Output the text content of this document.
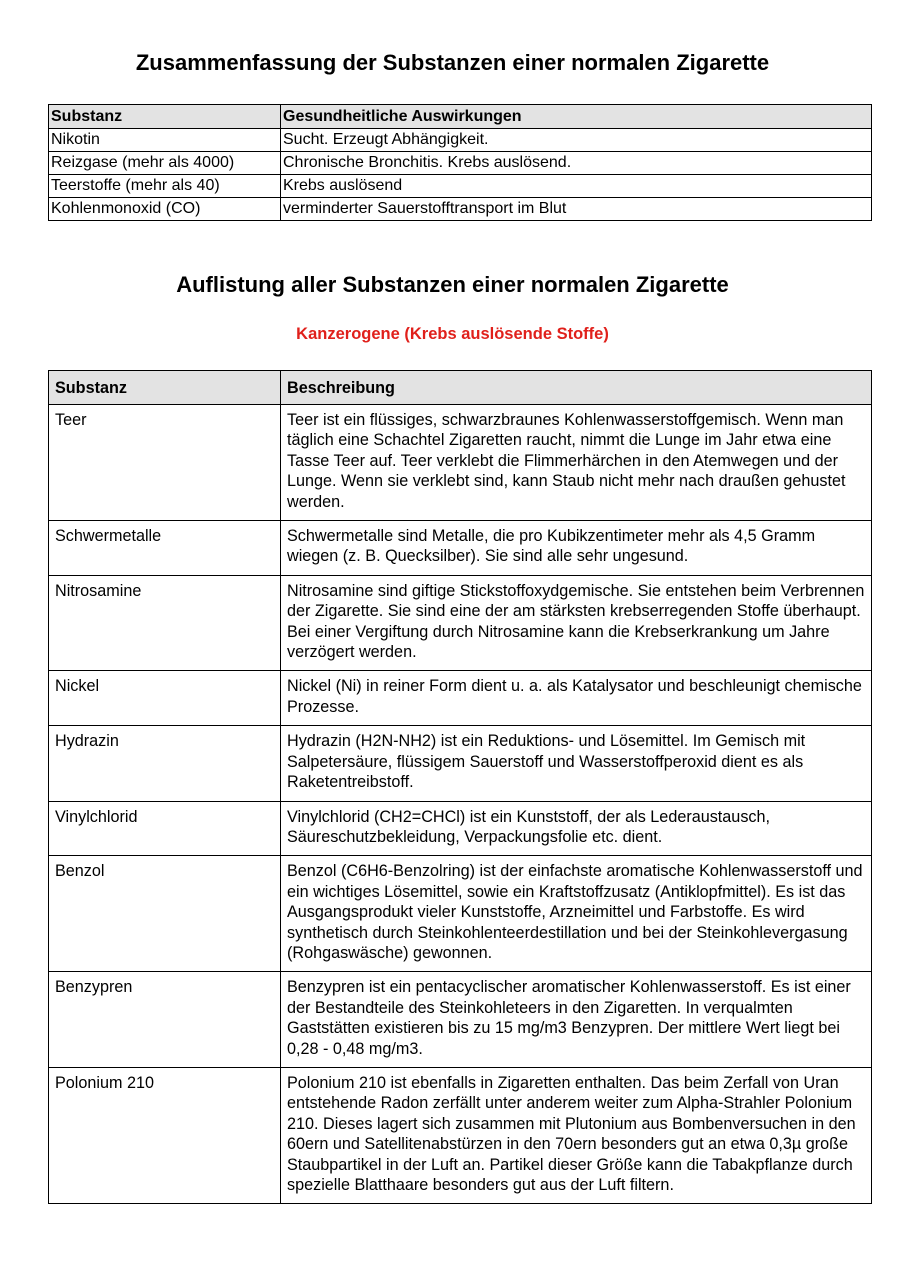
Zusammenfassung der Substanzen einer normalen Zigarette
Substanz	Gesundheitliche Auswirkungen
Nikotin	Sucht. Erzeugt Abhängigkeit.
Reizgase (mehr als 4000)	Chronische Bronchitis. Krebs auslösend.
Teerstoffe (mehr als 40)	Krebs auslösend
Kohlenmonoxid (CO)	verminderter Sauerstofftransport im Blut
Auflistung aller Substanzen einer normalen Zigarette
Kanzerogene (Krebs auslösende Stoffe)
Substanz	Beschreibung
Teer	Teer ist ein flüssiges, schwarzbraunes Kohlenwasserstoffgemisch. Wenn man täglich eine Schachtel Zigaretten raucht, nimmt die Lunge im Jahr etwa eine Tasse Teer auf. Teer verklebt die Flimmerhärchen in den Atemwegen und der Lunge. Wenn sie verklebt sind, kann Staub nicht mehr nach draußen gehustet werden.
Schwermetalle	Schwermetalle sind Metalle, die pro Kubikzentimeter mehr als 4,5 Gramm wiegen (z. B. Quecksilber). Sie sind alle sehr ungesund.
Nitrosamine	Nitrosamine sind giftige Stickstoffoxydgemische. Sie entstehen beim Verbrennen der Zigarette. Sie sind eine der am stärksten krebserregenden Stoffe überhaupt. Bei einer Vergiftung durch Nitrosamine kann die Krebserkrankung um Jahre verzögert werden.
Nickel	Nickel (Ni) in reiner Form dient u. a. als Katalysator und beschleunigt chemische Prozesse.
Hydrazin	Hydrazin (H2N-NH2) ist ein Reduktions- und Lösemittel. Im Gemisch mit Salpetersäure, flüssigem Sauerstoff und Wasserstoffperoxid dient es als Raketentreibstoff.
Vinylchlorid	Vinylchlorid (CH2=CHCl) ist ein Kunststoff, der als Lederaustausch, Säureschutzbekleidung, Verpackungsfolie etc. dient.
Benzol	Benzol (C6H6-Benzolring) ist der einfachste aromatische Kohlenwasserstoff und ein wichtiges Lösemittel, sowie ein Kraftstoffzusatz (Antiklopfmittel). Es ist das Ausgangsprodukt vieler Kunststoffe, Arzneimittel und Farbstoffe. Es wird synthetisch durch Steinkohlenteerdestillation und bei der Steinkohlevergasung (Rohgaswäsche) gewonnen.
Benzypren	Benzypren ist ein pentacyclischer aromatischer Kohlenwasserstoff. Es ist einer der Bestandteile des Steinkohleteers in den Zigaretten. In verqualmten Gaststätten existieren bis zu 15 mg/m3 Benzypren. Der mittlere Wert liegt bei 0,28 - 0,48 mg/m3.
Polonium 210	Polonium 210 ist ebenfalls in Zigaretten enthalten. Das beim Zerfall von Uran entstehende Radon zerfällt unter anderem weiter zum Alpha-Strahler Polonium 210. Dieses lagert sich zusammen mit Plutonium aus Bombenversuchen in den 60ern und Satellitenabstürzen in den 70ern besonders gut an etwa 0,3µ große Staubpartikel in der Luft an. Partikel dieser Größe kann die Tabakpflanze durch spezielle Blatthaare besonders gut aus der Luft filtern.
